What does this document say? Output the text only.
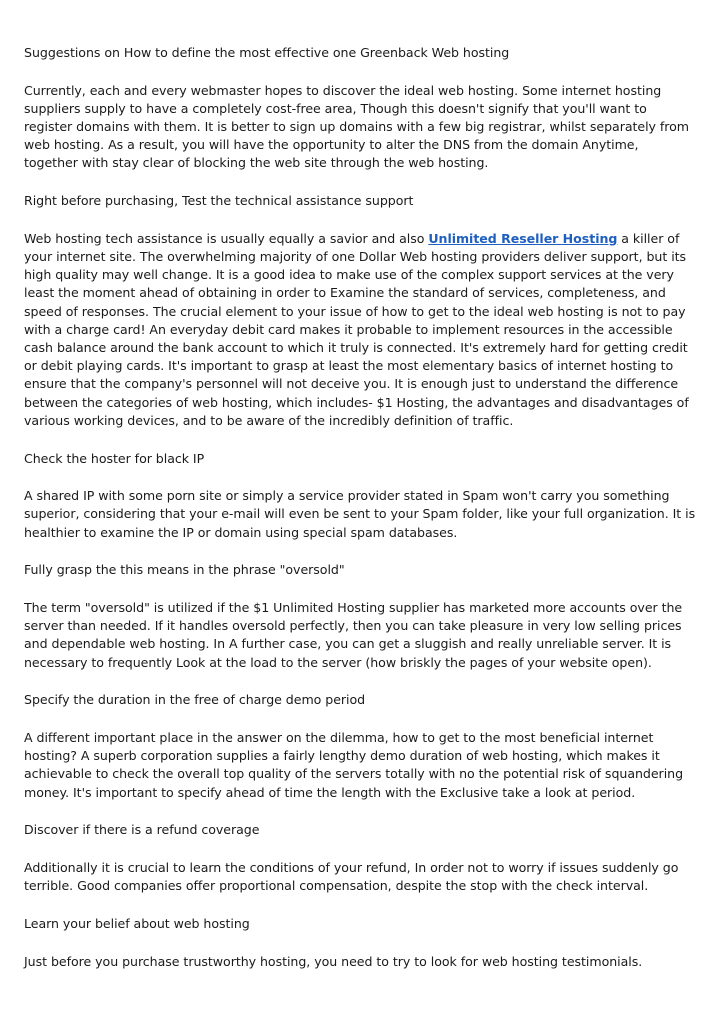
Suggestions on How to define the most effective one Greenback Web hosting

Currently, each and every webmaster hopes to discover the ideal web hosting. Some internet hosting suppliers supply to have a completely cost-free area, Though this doesn't signify that you'll want to register domains with them. It is better to sign up domains with a few big registrar, whilst separately from web hosting. As a result, you will have the opportunity to alter the DNS from the domain Anytime, together with stay clear of blocking the web site through the web hosting.

Right before purchasing, Test the technical assistance support

Web hosting tech assistance is usually equally a savior and also Unlimited Reseller Hosting a killer of your internet site. The overwhelming majority of one Dollar Web hosting providers deliver support, but its high quality may well change. It is a good idea to make use of the complex support services at the very least the moment ahead of obtaining in order to Examine the standard of services, completeness, and speed of responses. The crucial element to your issue of how to get to the ideal web hosting is not to pay with a charge card! An everyday debit card makes it probable to implement resources in the accessible cash balance around the bank account to which it truly is connected. It's extremely hard for getting credit or debit playing cards. It's important to grasp at least the most elementary basics of internet hosting to ensure that the company's personnel will not deceive you. It is enough just to understand the difference between the categories of web hosting, which includes- $1 Hosting, the advantages and disadvantages of various working devices, and to be aware of the incredibly definition of traffic.

Check the hoster for black IP

A shared IP with some porn site or simply a service provider stated in Spam won't carry you something superior, considering that your e-mail will even be sent to your Spam folder, like your full organization. It is healthier to examine the IP or domain using special spam databases.

Fully grasp the this means in the phrase "oversold"

The term "oversold" is utilized if the $1 Unlimited Hosting supplier has marketed more accounts over the server than needed. If it handles oversold perfectly, then you can take pleasure in very low selling prices and dependable web hosting. In A further case, you can get a sluggish and really unreliable server. It is necessary to frequently Look at the load to the server (how briskly the pages of your website open).

Specify the duration in the free of charge demo period

A different important place in the answer on the dilemma, how to get to the most beneficial internet hosting? A superb corporation supplies a fairly lengthy demo duration of web hosting, which makes it achievable to check the overall top quality of the servers totally with no the potential risk of squandering money. It's important to specify ahead of time the length with the Exclusive take a look at period.

Discover if there is a refund coverage

Additionally it is crucial to learn the conditions of your refund, In order not to worry if issues suddenly go terrible. Good companies offer proportional compensation, despite the stop with the check interval.

Learn your belief about web hosting

Just before you purchase trustworthy hosting, you need to try to look for web hosting testimonials.
